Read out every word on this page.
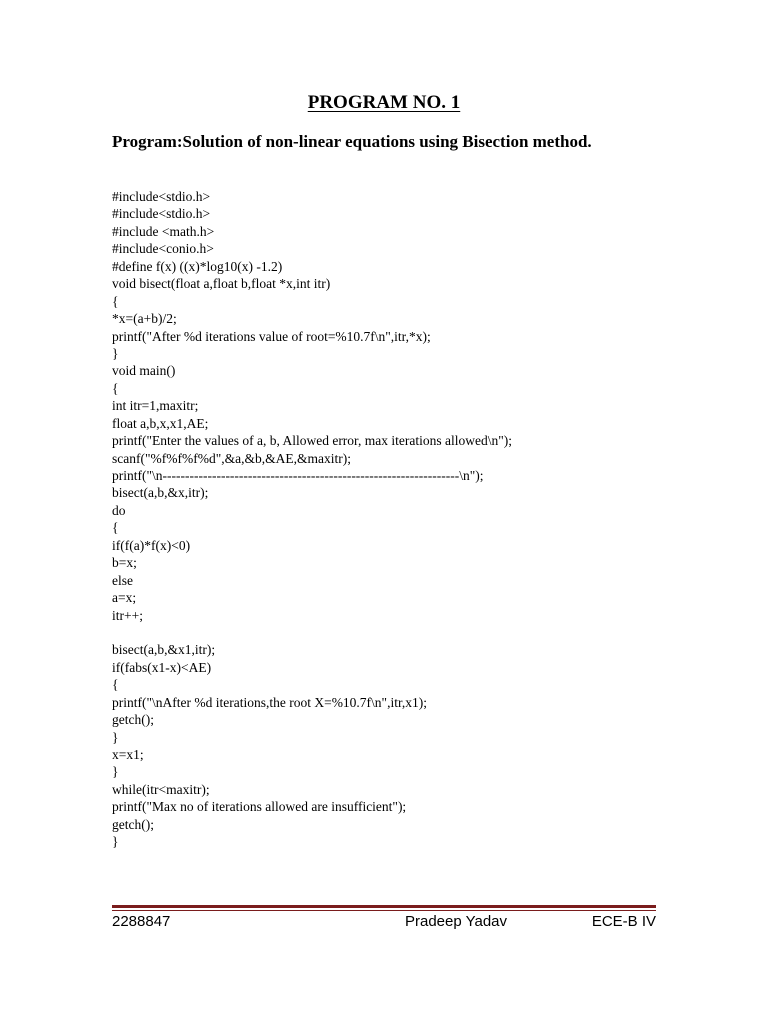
PROGRAM NO. 1
Program:Solution of non-linear equations using Bisection method.
#include<stdio.h>
#include<stdio.h>
#include <math.h>
#include<conio.h>
#define f(x) ((x)*log10(x) -1.2)
void bisect(float a,float b,float *x,int itr)
{
*x=(a+b)/2;
printf("After %d iterations value of root=%10.7f\n",itr,*x);
}
void main()
{
int itr=1,maxitr;
float a,b,x,x1,AE;
printf("Enter the values of a, b, Allowed error, max iterations allowed\n");
scanf("%f%f%f%d",&a,&b,&AE,&maxitr);
printf("\n------------------------------------------------------------------\n");
bisect(a,b,&x,itr);
do
{
if(f(a)*f(x)<0)
b=x;
else
a=x;
itr++;
bisect(a,b,&x1,itr);
if(fabs(x1-x)<AE)
{
printf("\nAfter %d iterations,the root X=%10.7f\n",itr,x1);
getch();
}
x=x1;
}
while(itr<maxitr);
printf("Max no of iterations allowed are insufficient");
getch();
}
2288847	Pradeep Yadav	ECE-B IV
